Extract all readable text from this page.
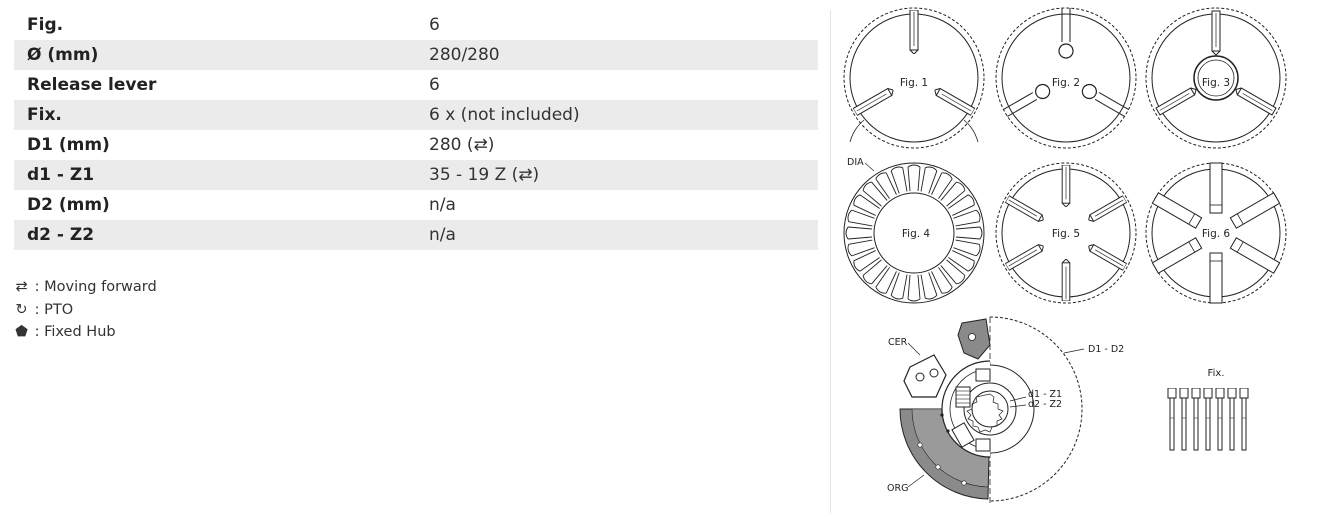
Fig.	6
Ø (mm)	280/280
Release lever	6
Fix.	6 x (not included)
D1 (mm)	280 (⇄)
d1 - Z1	35 - 19 Z (⇄)
D2 (mm)	n/a
d2 - Z2	n/a
⇄ : Moving forward
↻ : PTO
⬟ : Fixed Hub
Fig. 1	Fig. 2	Fig. 3
DIA
Fig. 4	Fig. 5	Fig. 6
CER
ORG
D1 - D2
d1 - Z1
d2 - Z2
Fix.
